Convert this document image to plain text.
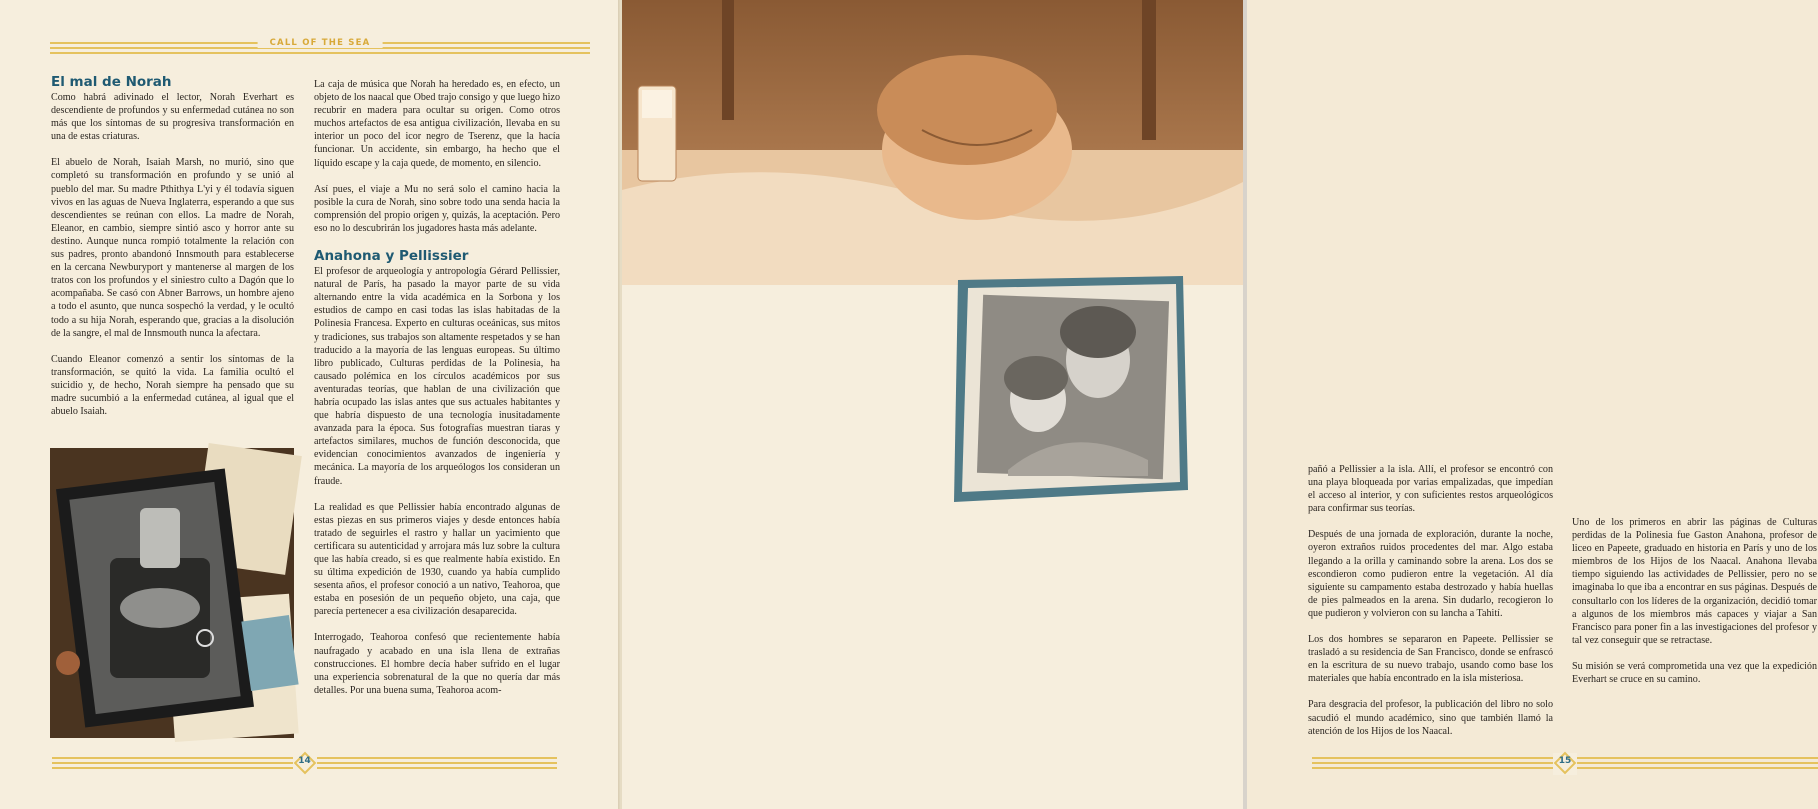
CALL OF THE SEA
El mal de Norah

Como habrá adivinado el lector, Norah Everhart es descendiente de profundos y su enfermedad cutánea no son más que los síntomas de su progresiva transformación en una de estas criaturas.

El abuelo de Norah, Isaiah Marsh, no murió, sino que completó su transformación en profundo y se unió al pueblo del mar. Su madre Pthithya L'yi y él todavía siguen vivos en las aguas de Nueva Inglaterra, esperando a que sus descendientes se reúnan con ellos. La madre de Norah, Eleanor, en cambio, siempre sintió asco y horror ante su destino. Aunque nunca rompió totalmente la relación con sus padres, pronto abandonó Innsmouth para establecerse en la cercana Newburyport y mantenerse al margen de los tratos con los profundos y el siniestro culto a Dagón que lo acompañaba. Se casó con Abner Barrows, un hombre ajeno a todo el asunto, que nunca sospechó la verdad, y le ocultó todo a su hija Norah, esperando que, gracias a la disolución de la sangre, el mal de Innsmouth nunca la afectara.

Cuando Eleanor comenzó a sentir los síntomas de la transformación, se quitó la vida. La familia ocultó el suicidio y, de hecho, Norah siempre ha pensado que su madre sucumbió a la enfermedad cutánea, al igual que el abuelo Isaiah.

La caja de música que Norah ha heredado es, en efecto, un objeto de los naacal que Obed trajo consigo y que luego hizo recubrir en madera para ocultar su origen. Como otros muchos artefactos de esa antigua civilización, llevaba en su interior un poco del icor negro de Tserenz, que la hacía funcionar. Un accidente, sin embargo, ha hecho que el líquido escape y la caja quede, de momento, en silencio.

Así pues, el viaje a Mu no será solo el camino hacia la posible la cura de Norah, sino sobre todo una senda hacia la comprensión del propio origen y, quizás, la aceptación. Pero eso no lo descubrirán los jugadores hasta más adelante.

Anahona y Pellissier

El profesor de arqueología y antropología Gérard Pellissier, natural de París, ha pasado la mayor parte de su vida alternando entre la vida académica en la Sorbona y los estudios de campo en casi todas las islas habitadas de la Polinesia Francesa. Experto en culturas oceánicas, sus mitos y tradiciones, sus trabajos son altamente respetados y se han traducido a la mayoría de las lenguas europeas. Su último libro publicado, Culturas perdidas de la Polinesia, ha causado polémica en los círculos académicos por sus aventuradas teorías, que hablan de una civilización que habría ocupado las islas antes que sus actuales habitantes y que habría dispuesto de una tecnología inusitadamente avanzada para la época. Sus fotografías muestran tiaras y artefactos similares, muchos de función desconocida, que evidencian conocimientos avanzados de ingeniería y mecánica. La mayoría de los arqueólogos los consideran un fraude.

La realidad es que Pellissier había encontrado algunas de estas piezas en sus primeros viajes y desde entonces había tratado de seguirles el rastro y hallar un yacimiento que certificara su autenticidad y arrojara más luz sobre la cultura que las había creado, si es que realmente había existido. En su última expedición de 1930, cuando ya había cumplido sesenta años, el profesor conoció a un nativo, Teahoroa, que estaba en posesión de un pequeño objeto, una caja, que parecía pertenecer a esa civilización desaparecida.

Interrogado, Teahoroa confesó que recientemente había naufragado y acabado en una isla llena de extrañas construcciones. El hombre decía haber sufrido en el lugar una experiencia sobrenatural de la que no quería dar más detalles. Por una buena suma, Teahoroa acom-

14

pañó a Pellissier a la isla. Allí, el profesor se encontró con una playa bloqueada por varias empalizadas, que impedían el acceso al interior, y con suficientes restos arqueológicos para confirmar sus teorías.

Después de una jornada de exploración, durante la noche, oyeron extraños ruidos procedentes del mar. Algo estaba llegando a la orilla y caminando sobre la arena. Los dos se escondieron como pudieron entre la vegetación. Al día siguiente su campamento estaba destrozado y había huellas de pies palmeados en la arena. Sin dudarlo, recogieron lo que pudieron y volvieron con su lancha a Tahití.

Los dos hombres se separaron en Papeete. Pellissier se trasladó a su residencia de San Francisco, donde se enfrascó en la escritura de su nuevo trabajo, usando como base los materiales que había encontrado en la isla misteriosa.

Para desgracia del profesor, la publicación del libro no solo sacudió el mundo académico, sino que también llamó la atención de los Hijos de los Naacal.

Uno de los primeros en abrir las páginas de Culturas perdidas de la Polinesia fue Gaston Anahona, profesor de liceo en Papeete, graduado en historia en París y uno de los miembros de los Hijos de los Naacal. Anahona llevaba tiempo siguiendo las actividades de Pellissier, pero no se imaginaba lo que iba a encontrar en sus páginas. Después de consultarlo con los líderes de la organización, decidió tomar a algunos de los miembros más capaces y viajar a San Francisco para poner fin a las investigaciones del profesor y tal vez conseguir que se retractase.

Su misión se verá comprometida una vez que la expedición Everhart se cruce en su camino.

15
